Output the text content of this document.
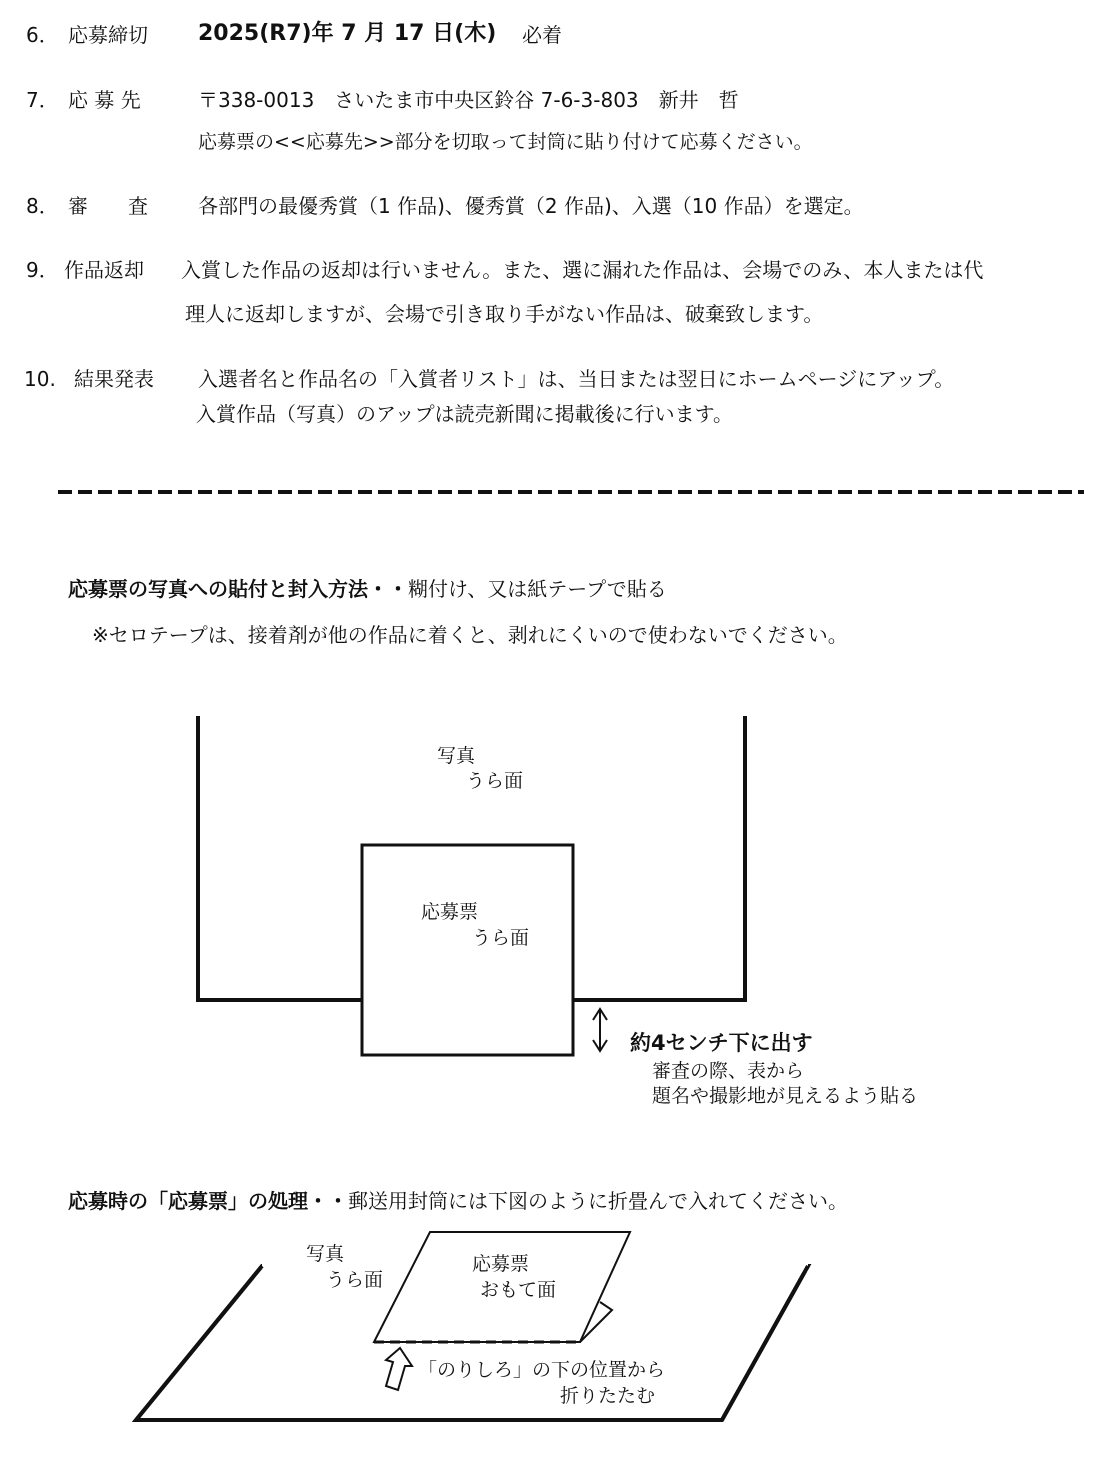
6． 応募締切 2025(R7)年 7 月 17 日(木) 必着
7． 応 募 先	〒338-0013　さいたま市中央区鈴谷 7-6-3-803　新井　哲
応募票の<<応募先>>部分を切取って封筒に貼り付けて応募ください。
8． 審　　査	各部門の最優秀賞（1 作品)、優秀賞（2 作品)、入選（10 作品）を選定。
9． 作品返却 入賞した作品の返却は行いません。また、選に漏れた作品は、会場でのみ、本人または代
理人に返却しますが、会場で引き取り手がない作品は、破棄致します。
10. 結果発表 入選者名と作品名の「入賞者リスト」は、当日または翌日にホームページにアップ。
入賞作品（写真）のアップは読売新聞に掲載後に行います。
応募票の写真への貼付と封入方法・・糊付け、又は紙テープで貼る
※セロテープは、接着剤が他の作品に着くと、剥れにくいので使わないでください。
写真
うら面
応募票
うら面
約4センチ下に出す
審査の際、表から
題名や撮影地が見えるよう貼る
応募時の「応募票」の処理・・郵送用封筒には下図のように折畳んで入れてください。
写真
うら面
応募票
おもて面
「のりしろ」の下の位置から
折りたたむ
